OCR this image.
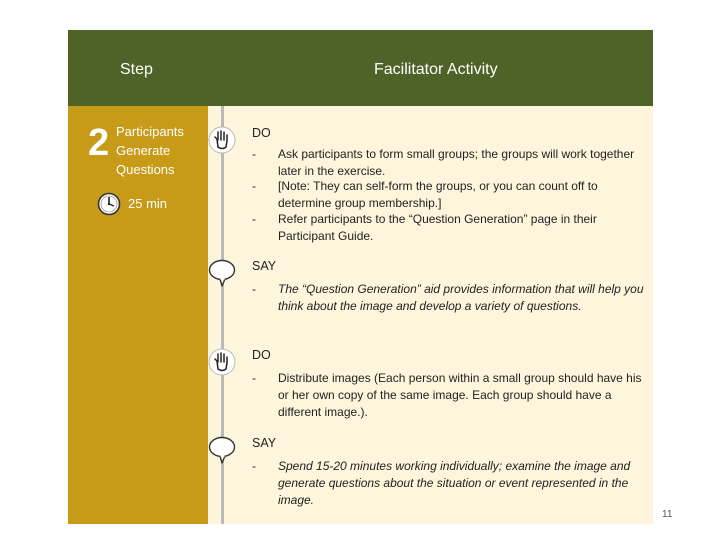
Step	Facilitator Activity
2 Participants
Generate
Questions
25 min
DO
- Ask participants to form small groups; the groups will work together later in the exercise.
- [Note: They can self-form the groups, or you can count off to determine group membership.]
- Refer participants to the “Question Generation” page in their Participant Guide.
SAY
- The “Question Generation” aid provides information that will help you think about the image and develop a variety of questions.
DO
- Distribute images (Each person within a small group should have his or her own copy of the same image. Each group should have a different image.).
SAY
- Spend 15-20 minutes working individually; examine the image and generate questions about the situation or event represented in the image.
11
